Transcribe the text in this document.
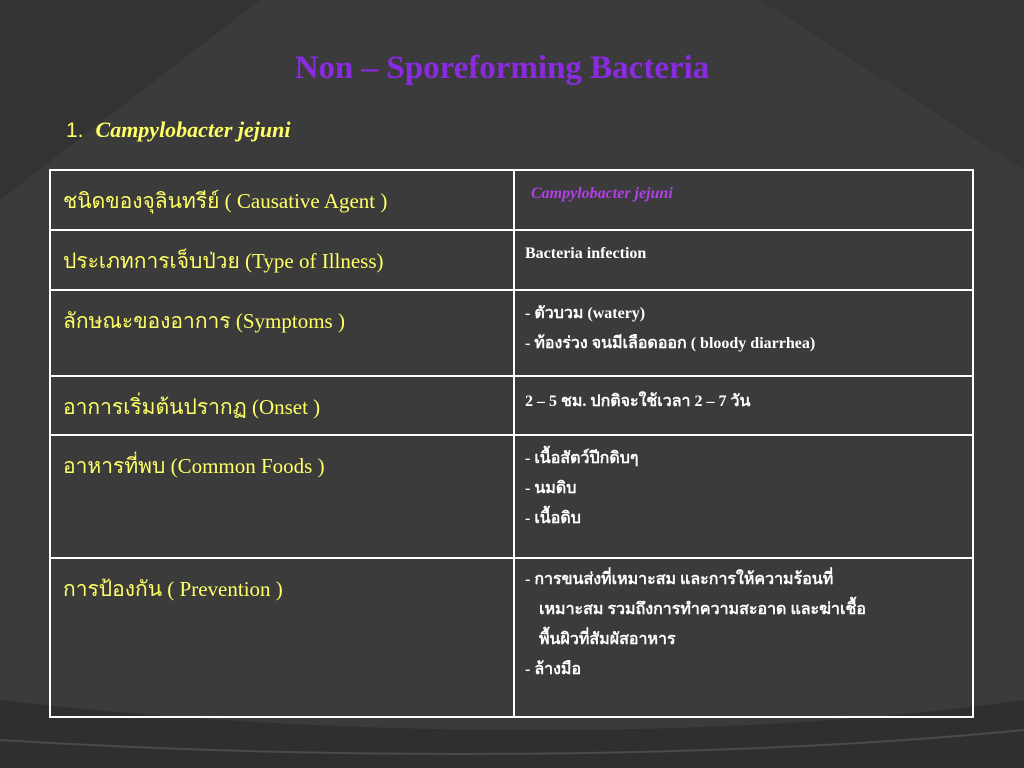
Non – Sporeforming Bacteria
1. Campylobacter jejuni
ชนิดของจุลินทรีย์ ( Causative Agent )	Campylobacter jejuni
ประเภทการเจ็บป่วย (Type of Illness)	Bacteria infection
ลักษณะของอาการ (Symptoms )	- ตัวบวม (watery)
- ท้องร่วง จนมีเลือดออก ( bloody diarrhea)

อาการเริ่มต้นปรากฏ (Onset )	2 – 5 ชม. ปกติจะใช้เวลา 2 – 7 วัน
อาหารที่พบ (Common Foods )	- เนื้อสัตว์ปีกดิบๆ
- นมดิบ
- เนื้อดิบ

การป้องกัน ( Prevention )	- การขนส่งที่เหมาะสม และการให้ความร้อนที่
เหมาะสม รวมถึงการทำความสะอาด และฆ่าเชื้อ
พื้นผิวที่สัมผัสอาหาร
- ล้างมือ
